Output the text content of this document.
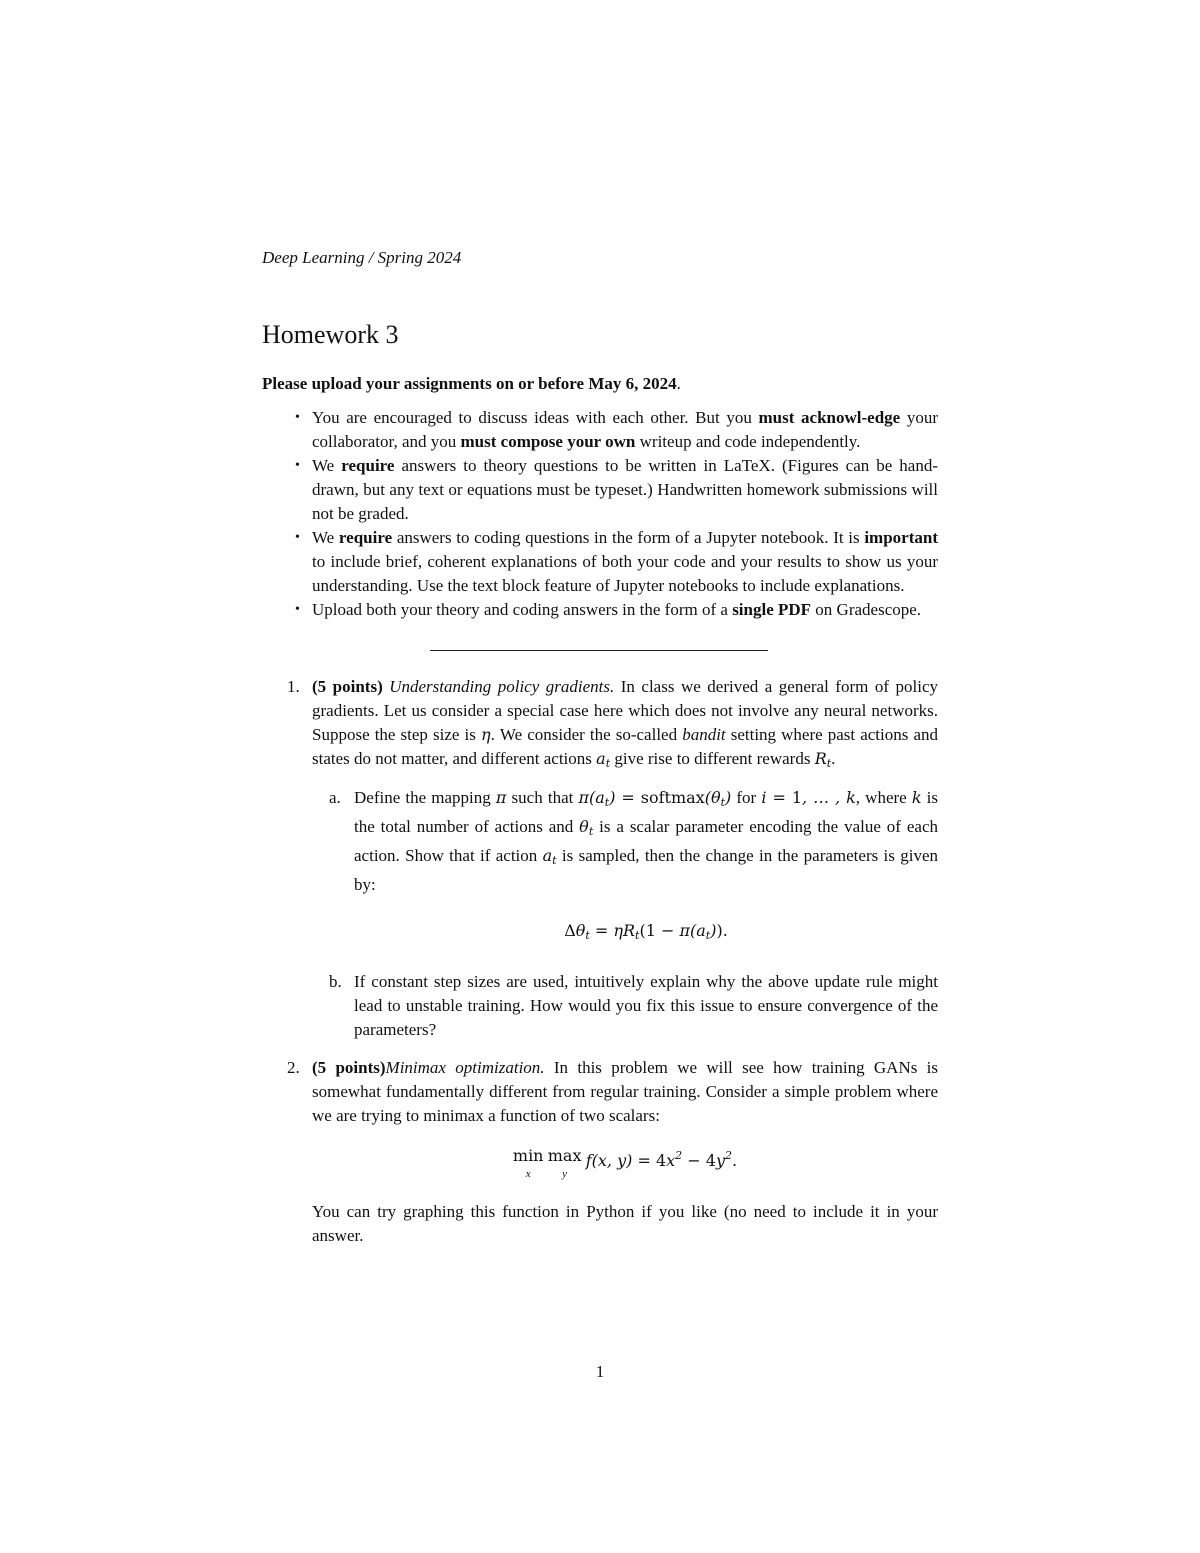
Deep Learning / Spring 2024

Homework 3

Please upload your assignments on or before May 6, 2024.

• You are encouraged to discuss ideas with each other. But you must acknowl-edge your collaborator, and you must compose your own writeup and code independently.

• We require answers to theory questions to be written in LaTeX. (Figures can be hand-drawn, but any text or equations must be typeset.) Handwritten homework submissions will not be graded.

• We require answers to coding questions in the form of a Jupyter notebook. It is important to include brief, coherent explanations of both your code and your results to show us your understanding. Use the text block feature of Jupyter notebooks to include explanations.

• Upload both your theory and coding answers in the form of a single PDF on Gradescope.

1. (5 points) Understanding policy gradients. In class we derived a general form of policy gradients. Let us consider a special case here which does not involve any neural networks. Suppose the step size is η. We consider the so-called bandit setting where past actions and states do not matter, and different actions $a_t$ give rise to different rewards $R_t$.
a. Define the mapping π such that $\pi(a_t)$ = $softmax(\theta_t)$ for i = 1, … , k, where k is the total number of actions and $\theta_t$ is a scalar parameter encoding the value of each action. Show that if action $a_t$ is sampled, then the change in the parameters is given by:
$\Delta\theta_t = \eta R_t(1 - \pi(a_t))$.
b. If constant step sizes are used, intuitively explain why the above update rule might lead to unstable training. How would you fix this issue to ensure convergence of the parameters?
2. (5 points)Minimax optimization. In this problem we will see how training GANs is somewhat fundamentally different from regular training. Consider a simple problem where we are trying to minimax a function of two scalars:
min
x
max
y
f(x, $y) = 4x^2 - 4y^2$.
You can try graphing this function in Python if you like (no need to include it in your answer.
1
